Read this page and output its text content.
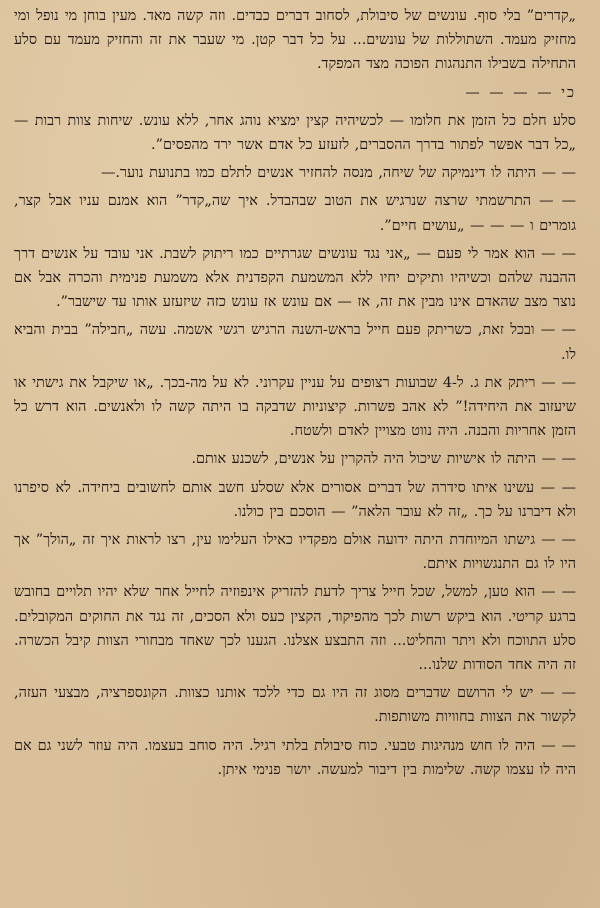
„קדרים” בלי סוף. עונשים של סיבולת, לסחוב דברים כבדים. וזה קשה מאד. מעין בוחן מי נופל ומי מחזיק מעמד. השתוללות של עונשים... על כל דבר קטן. מי שעבר את זה והחזיק מעמד עם סלע התחילה בשבילו התנהגות הפוכה מצד המפקד.

כי — — — —

סלע חלם כל הזמן את חלומו — לכשיהיה קצין ימציא נוהג אחר, ללא עונש. שיחות צוות רבות — „כל דבר אפשר לפתור בדרך ההסברים, לזעזע כל אדם אשר ירד מהפסים”.

— — היתה לו דינמיקה של שיחה, מנסה להחזיר אנשים לתלם כמו בתנועת נוער.—

— — התרשמתי שרצה שנרגיש את הטוב שבהבדל. איך שה„קדר” הוא אמנם עניו אבל קצר, גומרים ו — — — „עושים חיים”.

— — הוא אמר לי פעם — „אני נגד עונשים שגרתיים כמו ריתוק לשבת. אני עובד על אנשים דרך ההבנה שלהם וכשיהיו ותיקים יחיו ללא המשמעת הקפדנית אלא משמעת פנימית והכרה אבל אם נוצר מצב שהאדם אינו מבין את זה, אז — אם עונש אז עונש כזה שיזעזע אותו עד שישבר”.

— — ובכל זאת, כשריתק פעם חייל בראש-השנה הרגיש רגשי אשמה. עשה „חבילה” בבית והביא לו.

— — ריתק את ג. ל-4 שבועות רצופים על עניין עקרוני. לא על מה-בכך. „או שיקבל את גישתי או שיעזוב את היחידה!” לא אהב פשרות. קיצוניות שדבקה בו היתה קשה לו ולאנשים. הוא דרש כל הזמן אחריות והבנה. היה נווט מצויין לאדם ולשטח.

— — היתה לו אישיות שיכול היה להקרין על אנשים, לשכנע אותם.

— — עשינו איתו סידרה של דברים אסורים אלא שסלע חשב אותם לחשובים ביחידה. לא סיפרנו ולא דיברנו על כך. „זה לא עובר הלאה” — הוסכם בין כולנו.

— — גישתו המיוחדת היתה ידועה אולם מפקדיו כאילו העלימו עין, רצו לראות איך זה „הולך” אך היו לו גם התנגשויות איתם.

— — הוא טען, למשל, שכל חייל צריך לדעת להזריק אינפוזיה לחייל אחר שלא יהיו תלויים בחובש ברגע קריטי. הוא ביקש רשות לכך מהפיקוד, הקצין כעס ולא הסכים, זה נגד את החוקים המקובלים. סלע התווכח ולא ויתר והחליט... וזה התבצע אצלנו. הגענו לכך שאחד מבחורי הצוות קיבל הכשרה. זה היה אחד הסודות שלנו...

— — יש לי הרושם שדברים מסוג זה היו גם כדי ללכד אותנו כצוות. הקונספרציה, מבצעי העזה, לקשור את הצוות בחוויות משותפות.

— — היה לו חוש מנהיגות טבעי. כוח סיבולת בלתי רגיל. היה סוחב בעצמו. היה עוזר לשני גם אם היה לו עצמו קשה. שלימות בין דיבור למעשה. יושר פנימי איתן.
